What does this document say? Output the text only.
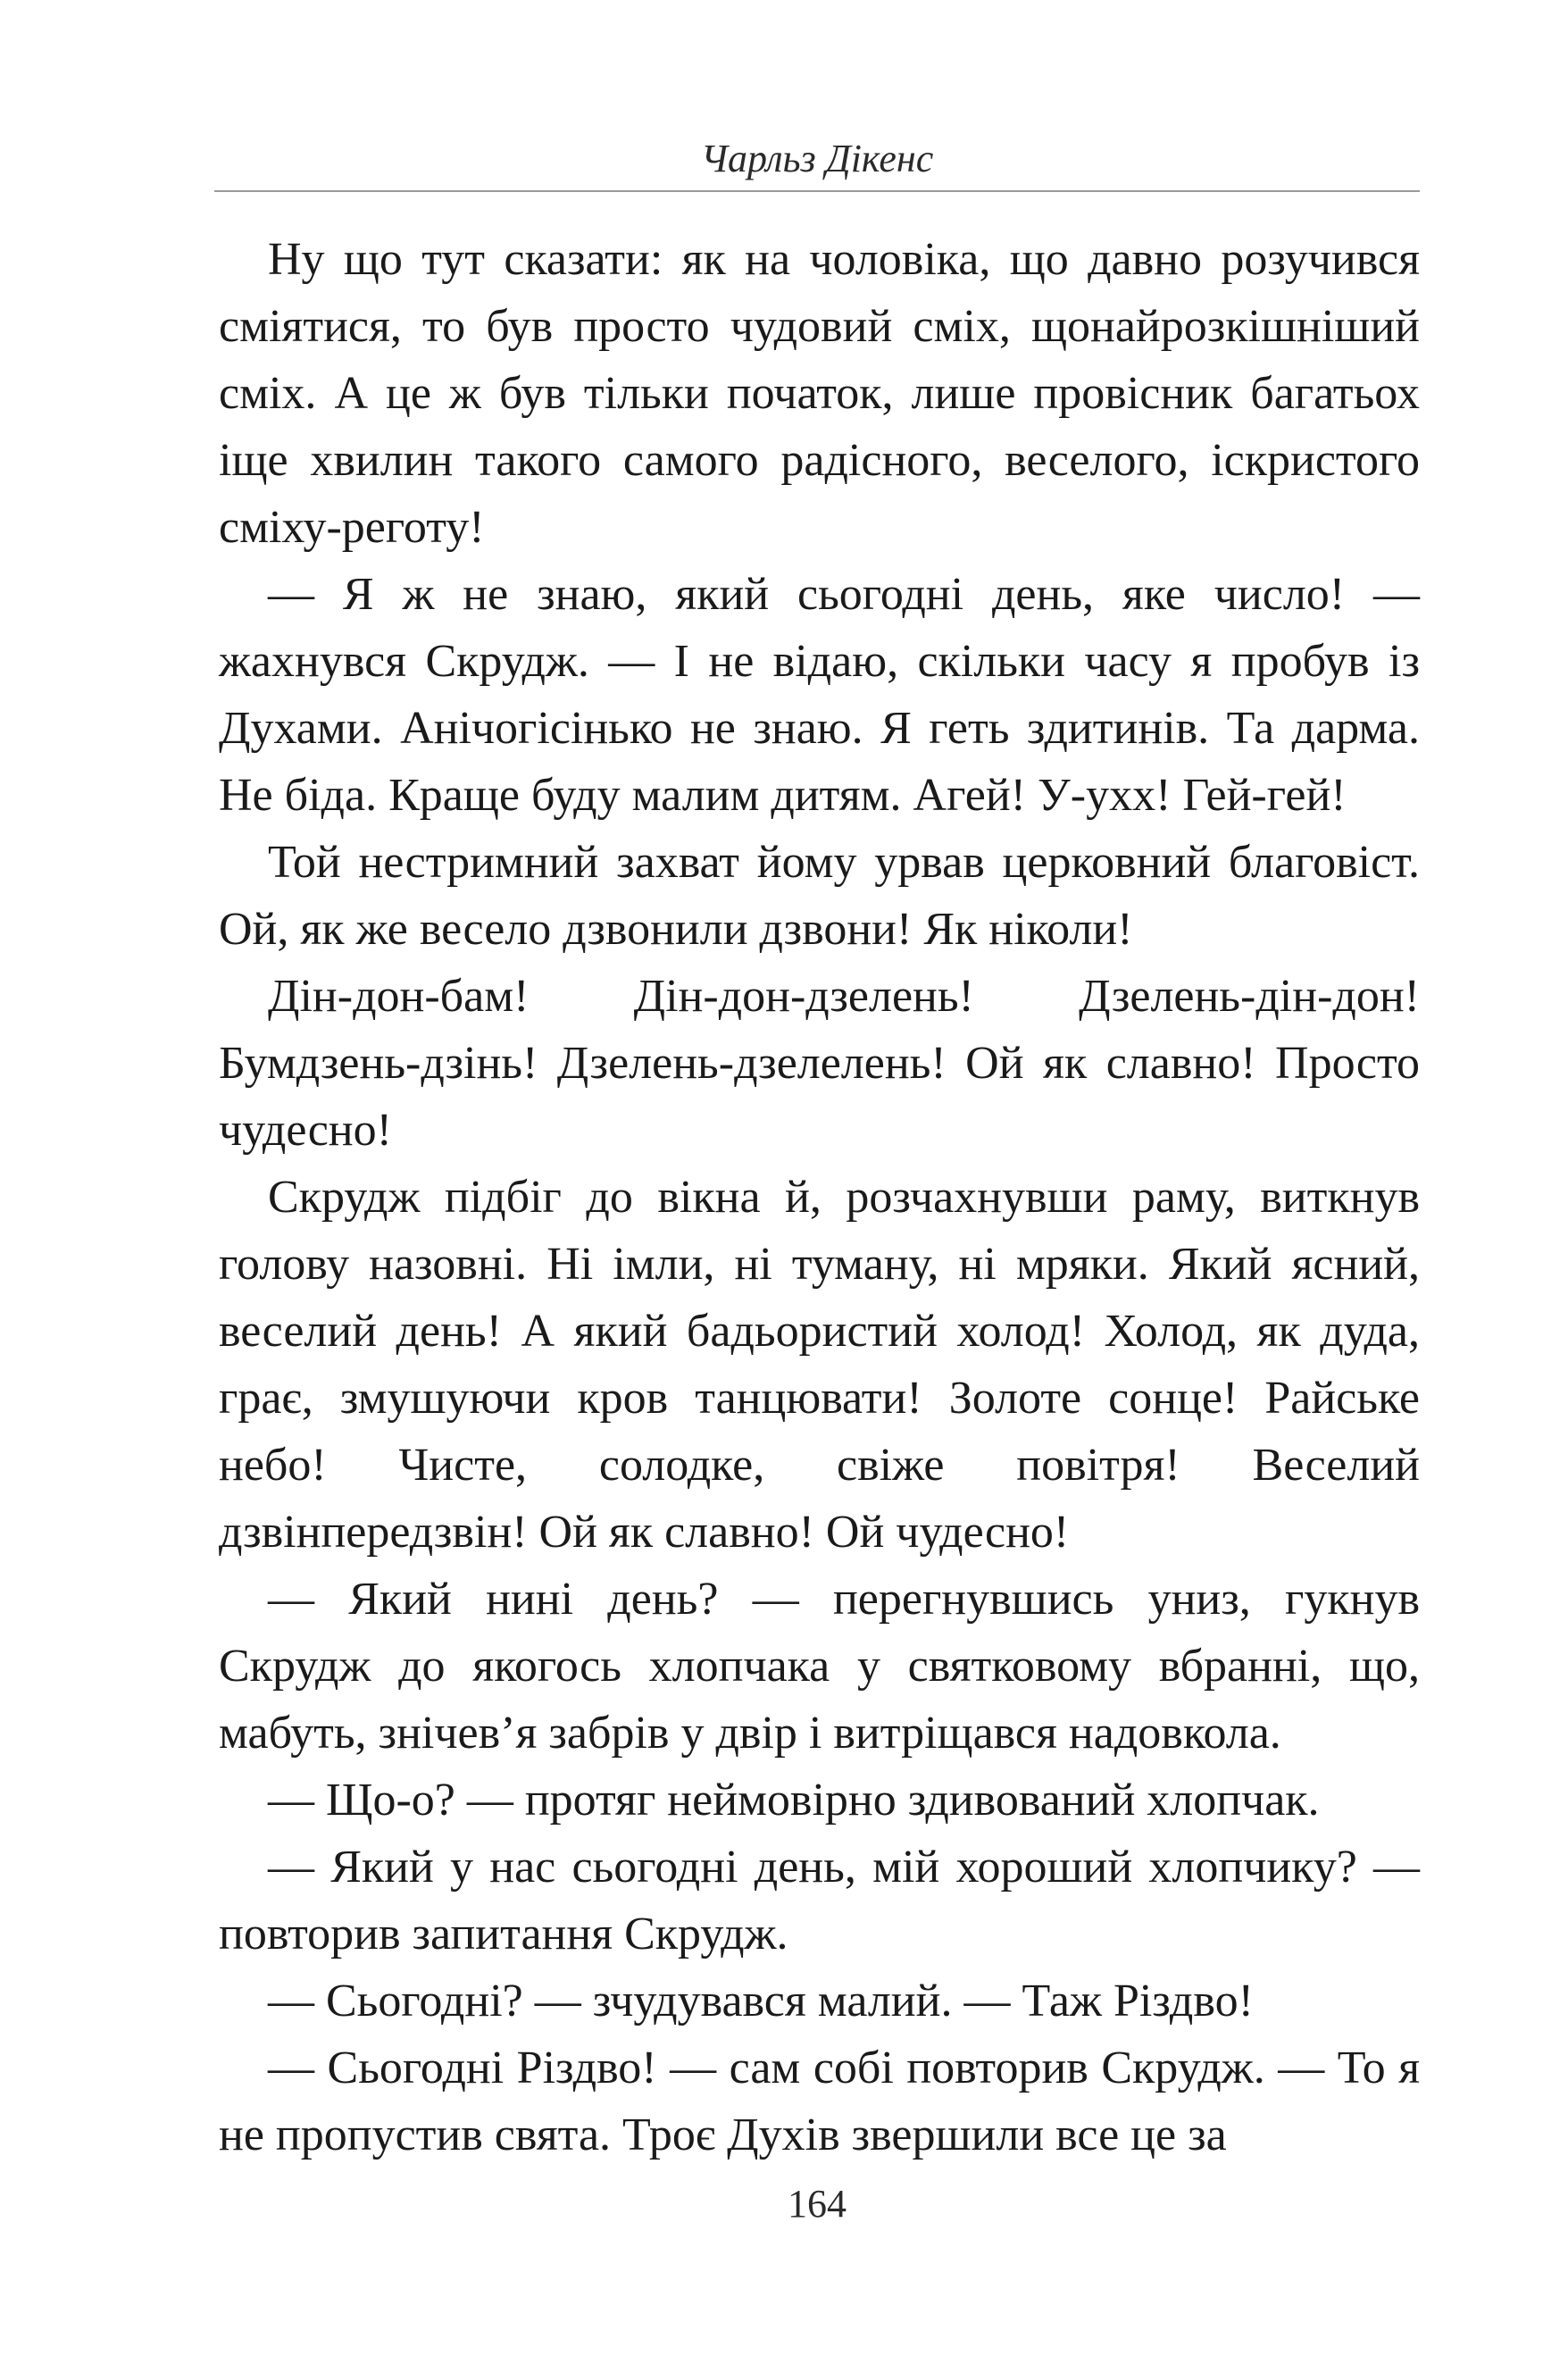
Чарльз Дікенс

Ну що тут сказати: як на чоловіка, що давно розучився сміятися, то був просто чудовий сміх, щонайрозкішніший сміх. А це ж був тільки початок, лише провісник багатьох іще хвилин такого самого радісного, веселого, іскристого сміху-реготу!

— Я ж не знаю, який сьогодні день, яке число! — жахнувся Скрудж. — І не відаю, скільки часу я пробув із Духами. Анічогісінько не знаю. Я геть здитинів. Та дарма. Не біда. Краще буду малим дитям. Агей! У-ухх! Гей-гей!

Той нестримний захват йому урвав церковний благовіст. Ой, як же весело дзвонили дзвони! Як ніколи!

Дін-дон-бам! Дін-дон-дзелень! Дзелень-дін-дон! Бумдзень-дзінь! Дзелень-дзелелень! Ой як славно! Просто чудесно!

Скрудж підбіг до вікна й, розчахнувши раму, виткнув голову назовні. Ні імли, ні туману, ні мряки. Який ясний, веселий день! А який бадьористий холод! Холод, як дуда, грає, змушуючи кров танцювати! Золоте сонце! Райське небо! Чисте, солодке, свіже повітря! Веселий дзвінпередзвін! Ой як славно! Ой чудесно!

— Який нині день? — перегнувшись униз, гукнув Скрудж до якогось хлопчака у святковому вбранні, що, мабуть, знічев’я забрів у двір і витріщався надовкола.

— Що-о? — протяг неймовірно здивований хлопчак.

— Який у нас сьогодні день, мій хороший хлопчику? — повторив запитання Скрудж.

— Сьогодні? — зчудувався малий. — Таж Різдво!

— Сьогодні Різдво! — сам собі повторив Скрудж. — То я не пропустив свята. Троє Духів звершили все це за

164
